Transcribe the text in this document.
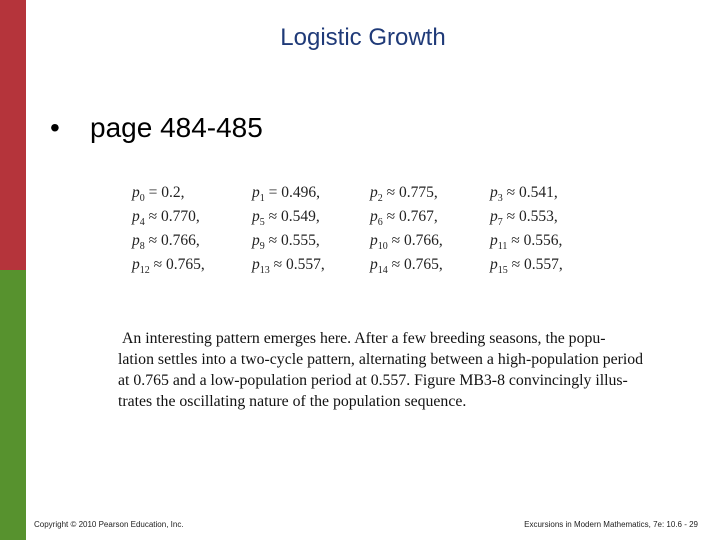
Logistic Growth
• page 484-485
$p_0 = 0.2$,	$p_1 = 0.496$,	$p_2 \approx 0.775$,	$p_3 \approx 0.541$,
$p_4 \approx 0.770$,	$p_5 \approx 0.549$,	$p_6 \approx 0.767$,	$p_7 \approx 0.553$,
$p_8 \approx 0.766$,	$p_9 \approx 0.555$,	$p_{10} \approx 0.766$,	$p_{11} \approx 0.556$,
$p_{12} \approx 0.765$,	$p_{13} \approx 0.557$,	$p_{14} \approx 0.765$,	$p_{15} \approx 0.557$,
An interesting pattern emerges here. After a few breeding seasons, the popu-
lation settles into a two-cycle pattern, alternating between a high-population period
at 0.765 and a low-population period at 0.557. Figure MB3-8 convincingly illus-
trates the oscillating nature of the population sequence.
Copyright © 2010 Pearson Education, Inc.	Excursions in Modern Mathematics, 7e: 10.6 - 29
